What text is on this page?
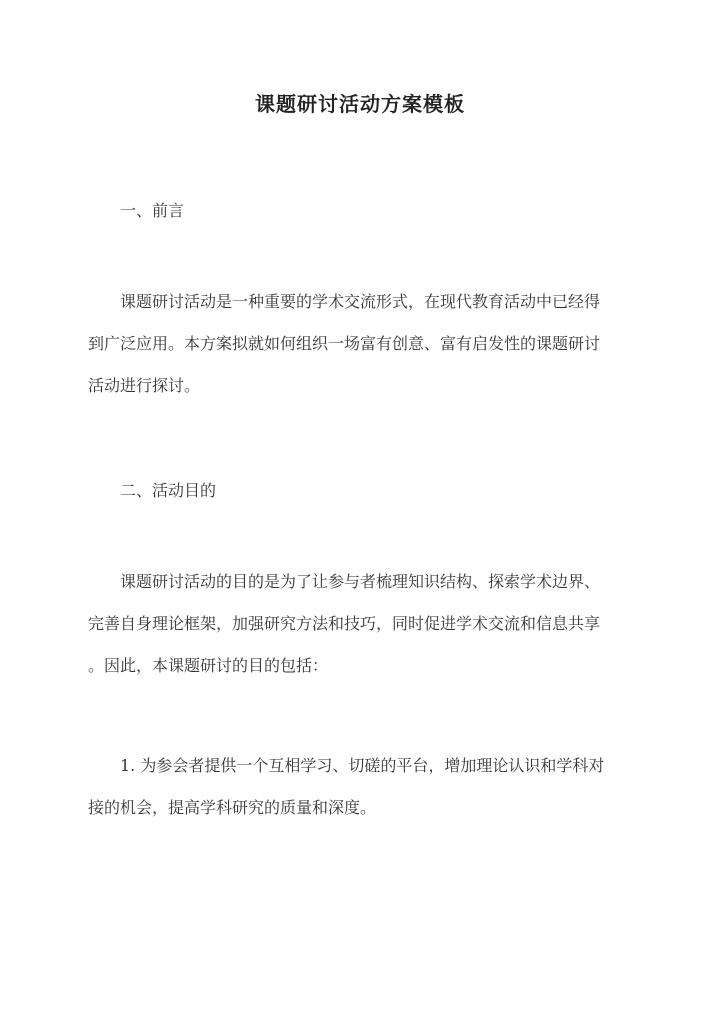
课题研讨活动方案模板
一、前言

课题研讨活动是一种重要的学术交流形式，在现代教育活动中已经得
到广泛应用。本方案拟就如何组织一场富有创意、富有启发性的课题研讨
活动进行探讨。

二、活动目的

课题研讨活动的目的是为了让参与者梳理知识结构、探索学术边界、
完善自身理论框架，加强研究方法和技巧，同时促进学术交流和信息共享
。因此，本课题研讨的目的包括：

1. 为参会者提供一个互相学习、切磋的平台，增加理论认识和学科对
接的机会，提高学科研究的质量和深度。
